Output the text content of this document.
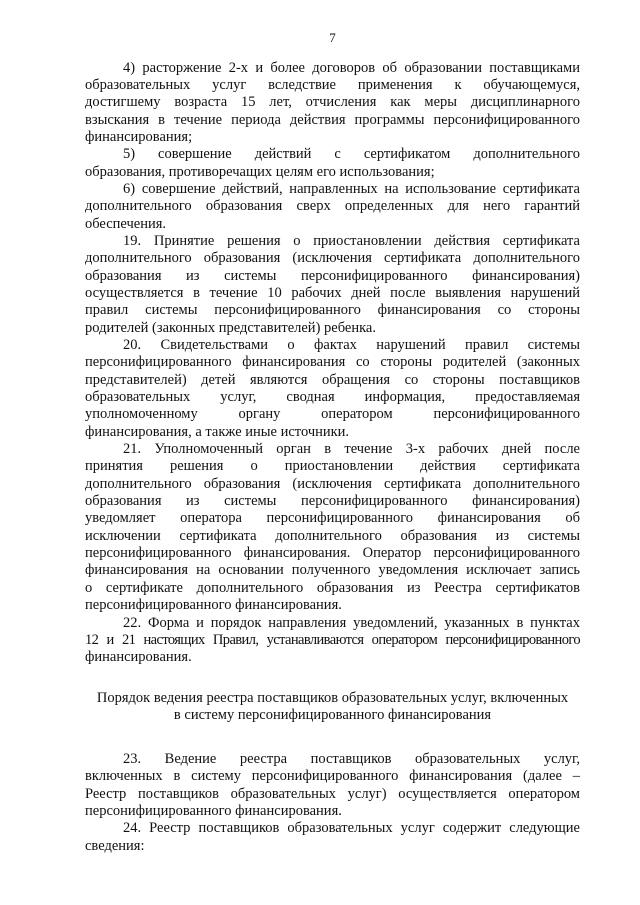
7
4) расторжение 2-х и более договоров об образовании поставщиками
образовательных услуг вследствие применения к обучающемуся,
достигшему возраста 15 лет, отчисления как меры дисциплинарного
взыскания в течение периода действия программы персонифицированного
финансирования;
5) совершение действий с сертификатом дополнительного
образования, противоречащих целям его использования;
6) совершение действий, направленных на использование сертификата
дополнительного образования сверх определенных для него гарантий
обеспечения.
19. Принятие решения о приостановлении действия сертификата
дополнительного образования (исключения сертификата дополнительного
образования из системы персонифицированного финансирования)
осуществляется в течение 10 рабочих дней после выявления нарушений
правил системы персонифицированного финансирования со стороны
родителей (законных представителей) ребенка.
20. Свидетельствами о фактах нарушений правил системы
персонифицированного финансирования со стороны родителей (законных
представителей) детей являются обращения со стороны поставщиков
образовательных услуг, сводная информация, предоставляемая
уполномоченному органу оператором персонифицированного
финансирования, а также иные источники.
21. Уполномоченный орган в течение 3-х рабочих дней после
принятия решения о приостановлении действия сертификата
дополнительного образования (исключения сертификата дополнительного
образования из системы персонифицированного финансирования)
уведомляет оператора персонифицированного финансирования об
исключении сертификата дополнительного образования из системы
персонифицированного финансирования. Оператор персонифицированного
финансирования на основании полученного уведомления исключает запись
о сертификате дополнительного образования из Реестра сертификатов
персонифицированного финансирования.
22. Форма и порядок направления уведомлений, указанных в пунктах
12 и 21 настоящих Правил, устанавливаются оператором персонифицированного
финансирования.
Порядок ведения реестра поставщиков образовательных услуг, включенных
в систему персонифицированного финансирования
23. Ведение реестра поставщиков образовательных услуг,
включенных в систему персонифицированного финансирования (далее –
Реестр поставщиков образовательных услуг) осуществляется оператором
персонифицированного финансирования.
24. Реестр поставщиков образовательных услуг содержит следующие
сведения:
